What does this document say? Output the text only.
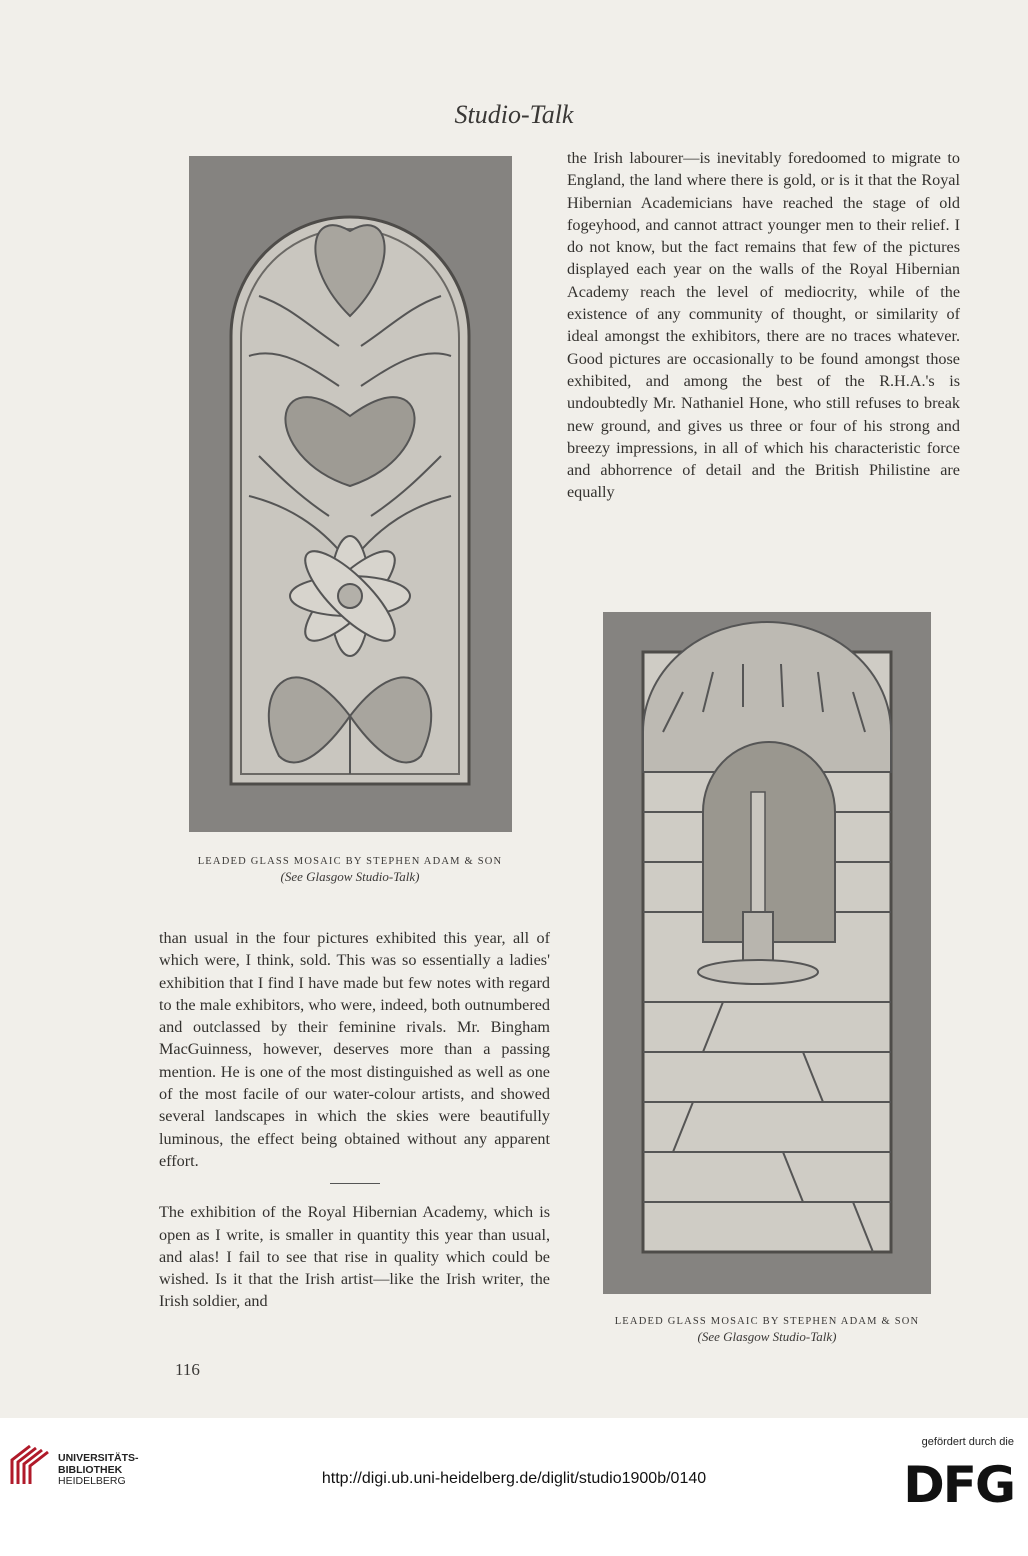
Studio-Talk

the Irish labourer—is inevitably foredoomed to migrate to England, the land where there is gold, or is it that the Royal Hibernian Academicians have reached the stage of old fogeyhood, and cannot attract younger men to their relief. I do not know, but the fact remains that few of the pictures displayed each year on the walls of the Royal Hibernian Academy reach the level of mediocrity, while of the existence of any community of thought, or similarity of ideal amongst the exhibitors, there are no traces whatever. Good pictures are occasionally to be found amongst those exhibited, and among the best of the R.H.A.'s is undoubtedly Mr. Nathaniel Hone, who still refuses to break new ground, and gives us three or four of his strong and breezy impressions, in all of which his characteristic force and abhorrence of detail and the British Philistine are equally

LEADED GLASS MOSAIC BY STEPHEN ADAM & SON
(See Glasgow Studio-Talk)

than usual in the four pictures exhibited this year, all of which were, I think, sold. This was so essentially a ladies' exhibition that I find I have made but few notes with regard to the male exhibitors, who were, indeed, both outnumbered and outclassed by their feminine rivals. Mr. Bingham MacGuinness, however, deserves more than a passing mention. He is one of the most distinguished as well as one of the most facile of our water-colour artists, and showed several landscapes in which the skies were beautifully luminous, the effect being obtained without any apparent effort.

The exhibition of the Royal Hibernian Academy, which is open as I write, is smaller in quantity this year than usual, and alas! I fail to see that rise in quality which could be wished. Is it that the Irish artist—like the Irish writer, the Irish soldier, and

LEADED GLASS MOSAIC BY STEPHEN ADAM & SON
(See Glasgow Studio-Talk)
116
UNIVERSITÄTS-
BIBLIOTHEK
HEIDELBERG	http://digi.ub.uni-heidelberg.de/diglit/studio1900b/0140
gefördert durch die
DFG
